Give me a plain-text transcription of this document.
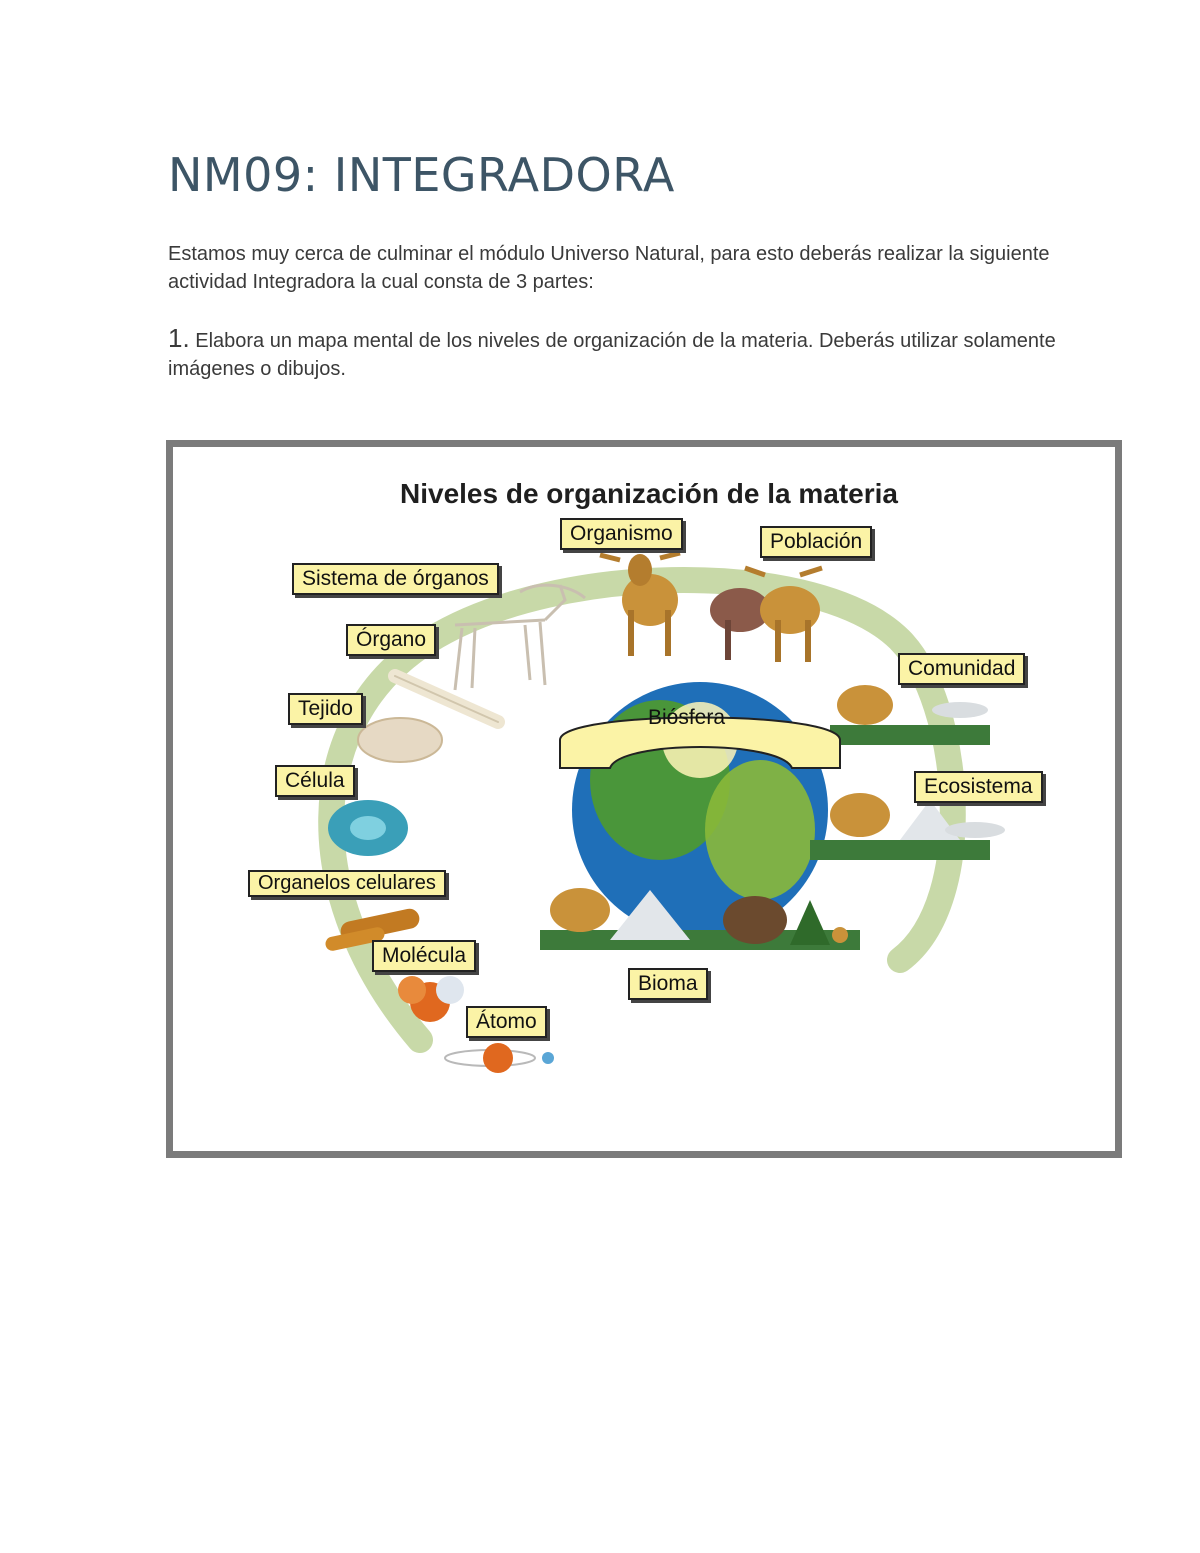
NM09: INTEGRADORA

Estamos muy cerca de culminar el módulo Universo Natural, para esto deberás realizar la siguiente actividad Integradora la cual consta de 3 partes:

1. Elabora un mapa mental de los niveles de organización de la materia. Deberás utilizar solamente imágenes o dibujos.

Niveles de organización de la materia
Organismo	Población
Sistema de órganos
Órgano
Comunidad
Tejido	Biósfera
Célula	Ecosistema
Organelos celulares
Molécula
Bioma
Átomo
